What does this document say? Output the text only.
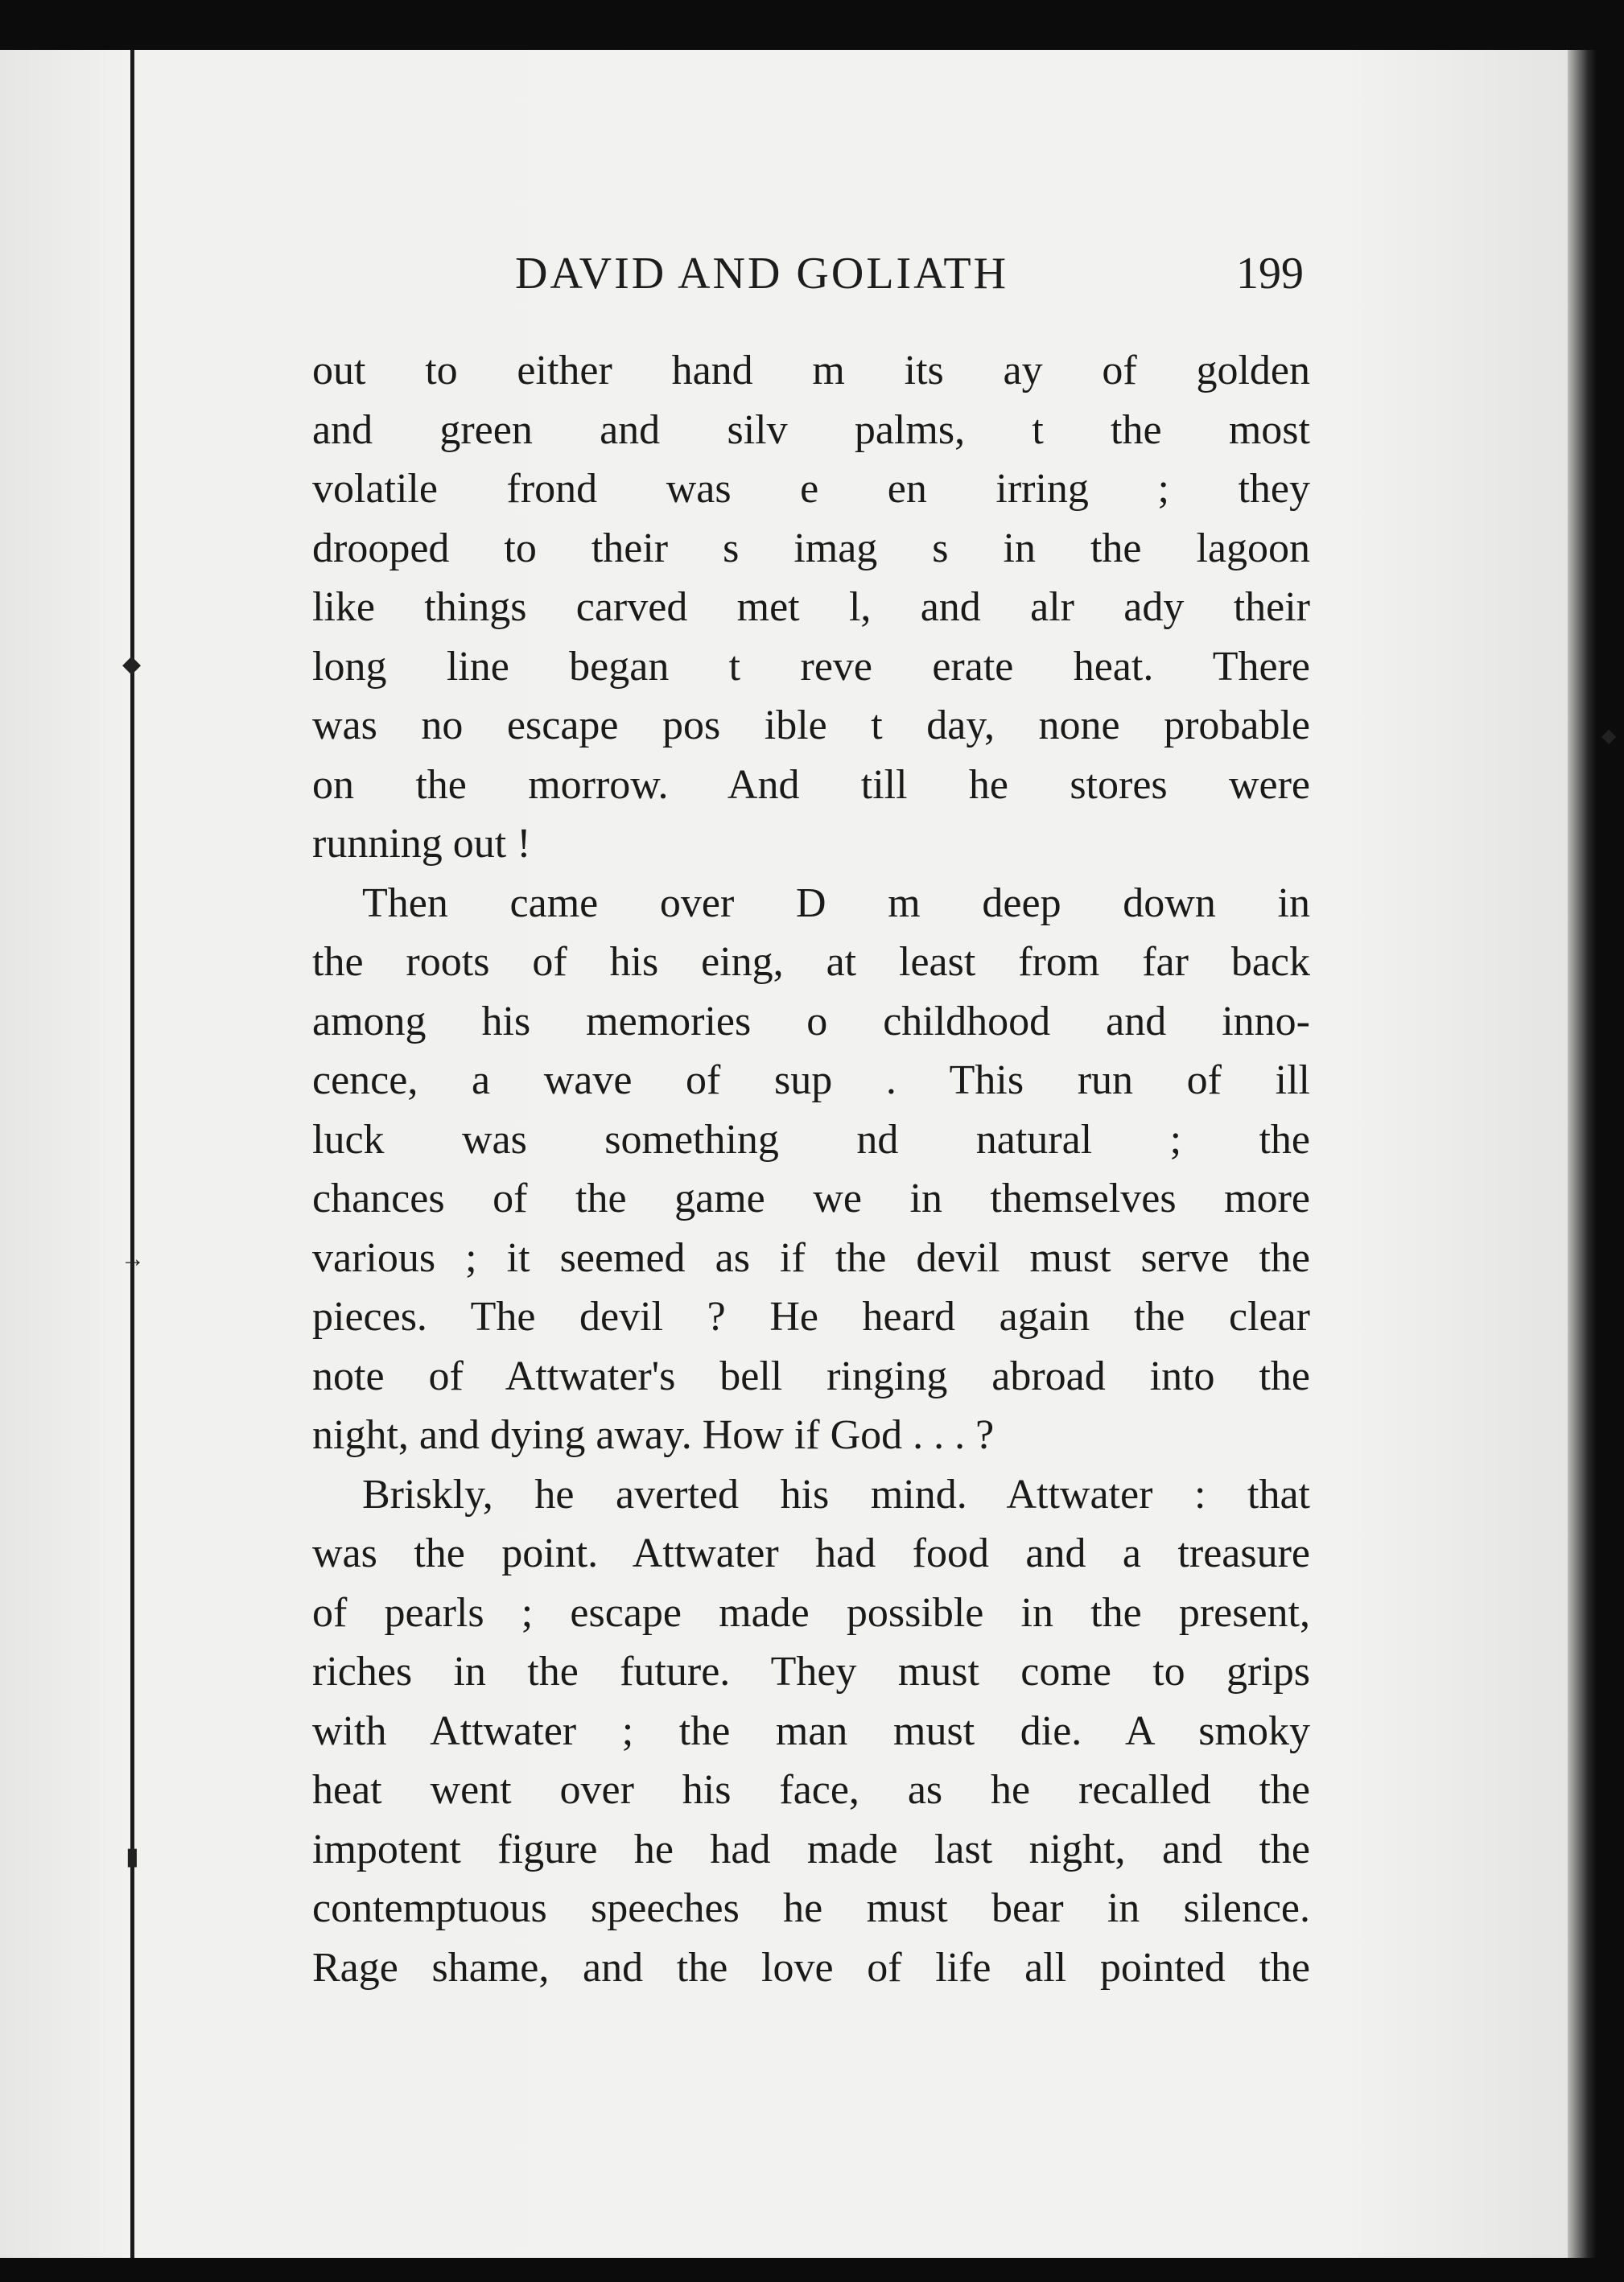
◆
→
▮
◆
DAVID AND GOLIATH	199
out to either hand m its ay of golden
and green and silv palms, t the most
volatile frond was e en irring ; they
drooped to their s imag s in the lagoon
like things carved met l, and alr ady their
long line began t reve erate heat. There
was no escape pos ible t day, none probable
on the morrow. And till he stores were
running out !
Then came over D m deep down in
the roots of his eing, at least from far back
among his memories o childhood and inno-
cence, a wave of sup . This run of ill
luck was something nd natural ; the
chances of the game we in themselves more
various ; it seemed as if the devil must serve the
pieces. The devil ? He heard again the clear
note of Attwater's bell ringing abroad into the
night, and dying away. How if God . . . ?
Briskly, he averted his mind. Attwater : that
was the point. Attwater had food and a treasure
of pearls ; escape made possible in the present,
riches in the future. They must come to grips
with Attwater ; the man must die. A smoky
heat went over his face, as he recalled the
impotent figure he had made last night, and the
contemptuous speeches he must bear in silence.
Rage shame, and the love of life all pointed the
